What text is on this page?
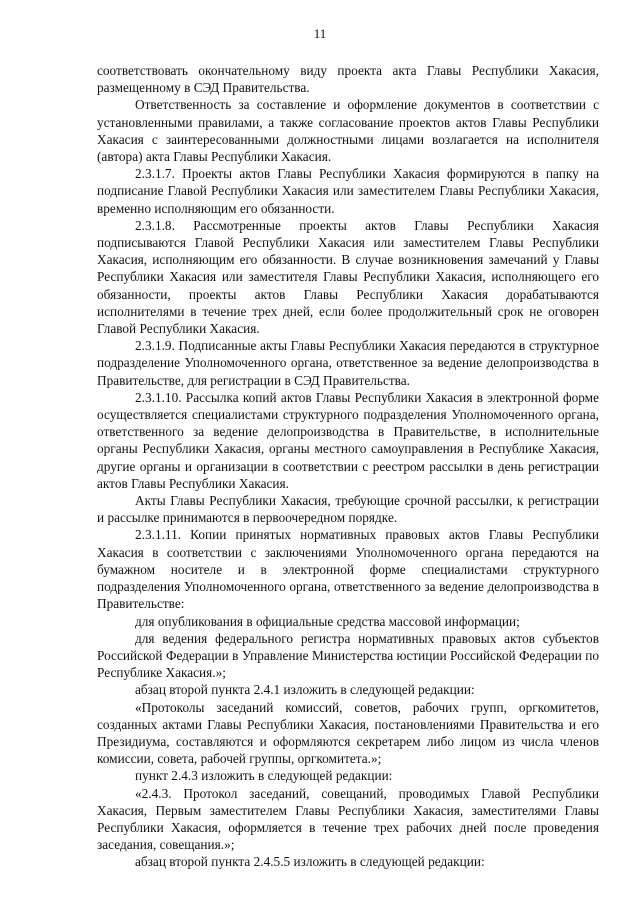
11

соответствовать окончательному виду проекта акта Главы Республики Хакасия, размещенному в СЭД Правительства.

Ответственность за составление и оформление документов в соответствии с установленными правилами, а также согласование проектов актов Главы Республики Хакасия с заинтересованными должностными лицами возлагается на исполнителя (автора) акта Главы Республики Хакасия.

2.3.1.7. Проекты актов Главы Республики Хакасия формируются в папку на подписание Главой Республики Хакасия или заместителем Главы Республики Хакасия, временно исполняющим его обязанности.

2.3.1.8. Рассмотренные проекты актов Главы Республики Хакасия подписываются Главой Республики Хакасия или заместителем Главы Республики Хакасия, исполняющим его обязанности. В случае возникновения замечаний у Главы Республики Хакасия или заместителя Главы Республики Хакасия, исполняющего его обязанности, проекты актов Главы Республики Хакасия дорабатываются исполнителями в течение трех дней, если более продолжительный срок не оговорен Главой Республики Хакасия.

2.3.1.9. Подписанные акты Главы Республики Хакасия передаются в структурное подразделение Уполномоченного органа, ответственное за ведение делопроизводства в Правительстве, для регистрации в СЭД Правительства.

2.3.1.10. Рассылка копий актов Главы Республики Хакасия в электронной форме осуществляется специалистами структурного подразделения Уполномоченного органа, ответственного за ведение делопроизводства в Правительстве, в исполнительные органы Республики Хакасия, органы местного самоуправления в Республике Хакасия, другие органы и организации в соответствии с реестром рассылки в день регистрации актов Главы Республики Хакасия.

Акты Главы Республики Хакасия, требующие срочной рассылки, к регистрации и рассылке принимаются в первоочередном порядке.

2.3.1.11. Копии принятых нормативных правовых актов Главы Республики Хакасия в соответствии с заключениями Уполномоченного органа передаются на бумажном носителе и в электронной форме специалистами структурного подразделения Уполномоченного органа, ответственного за ведение делопроизводства в Правительстве:

для опубликования в официальные средства массовой информации;

для ведения федерального регистра нормативных правовых актов субъектов Российской Федерации в Управление Министерства юстиции Российской Федерации по Республике Хакасия.»;

абзац второй пункта 2.4.1 изложить в следующей редакции:

«Протоколы заседаний комиссий, советов, рабочих групп, оргкомитетов, созданных актами Главы Республики Хакасия, постановлениями Правительства и его Президиума, составляются и оформляются секретарем либо лицом из числа членов комиссии, совета, рабочей группы, оргкомитета.»;

пункт 2.4.3 изложить в следующей редакции:

«2.4.3. Протокол заседаний, совещаний, проводимых Главой Республики Хакасия, Первым заместителем Главы Республики Хакасия, заместителями Главы Республики Хакасия, оформляется в течение трех рабочих дней после проведения заседания, совещания.»;

абзац второй пункта 2.4.5.5 изложить в следующей редакции:
